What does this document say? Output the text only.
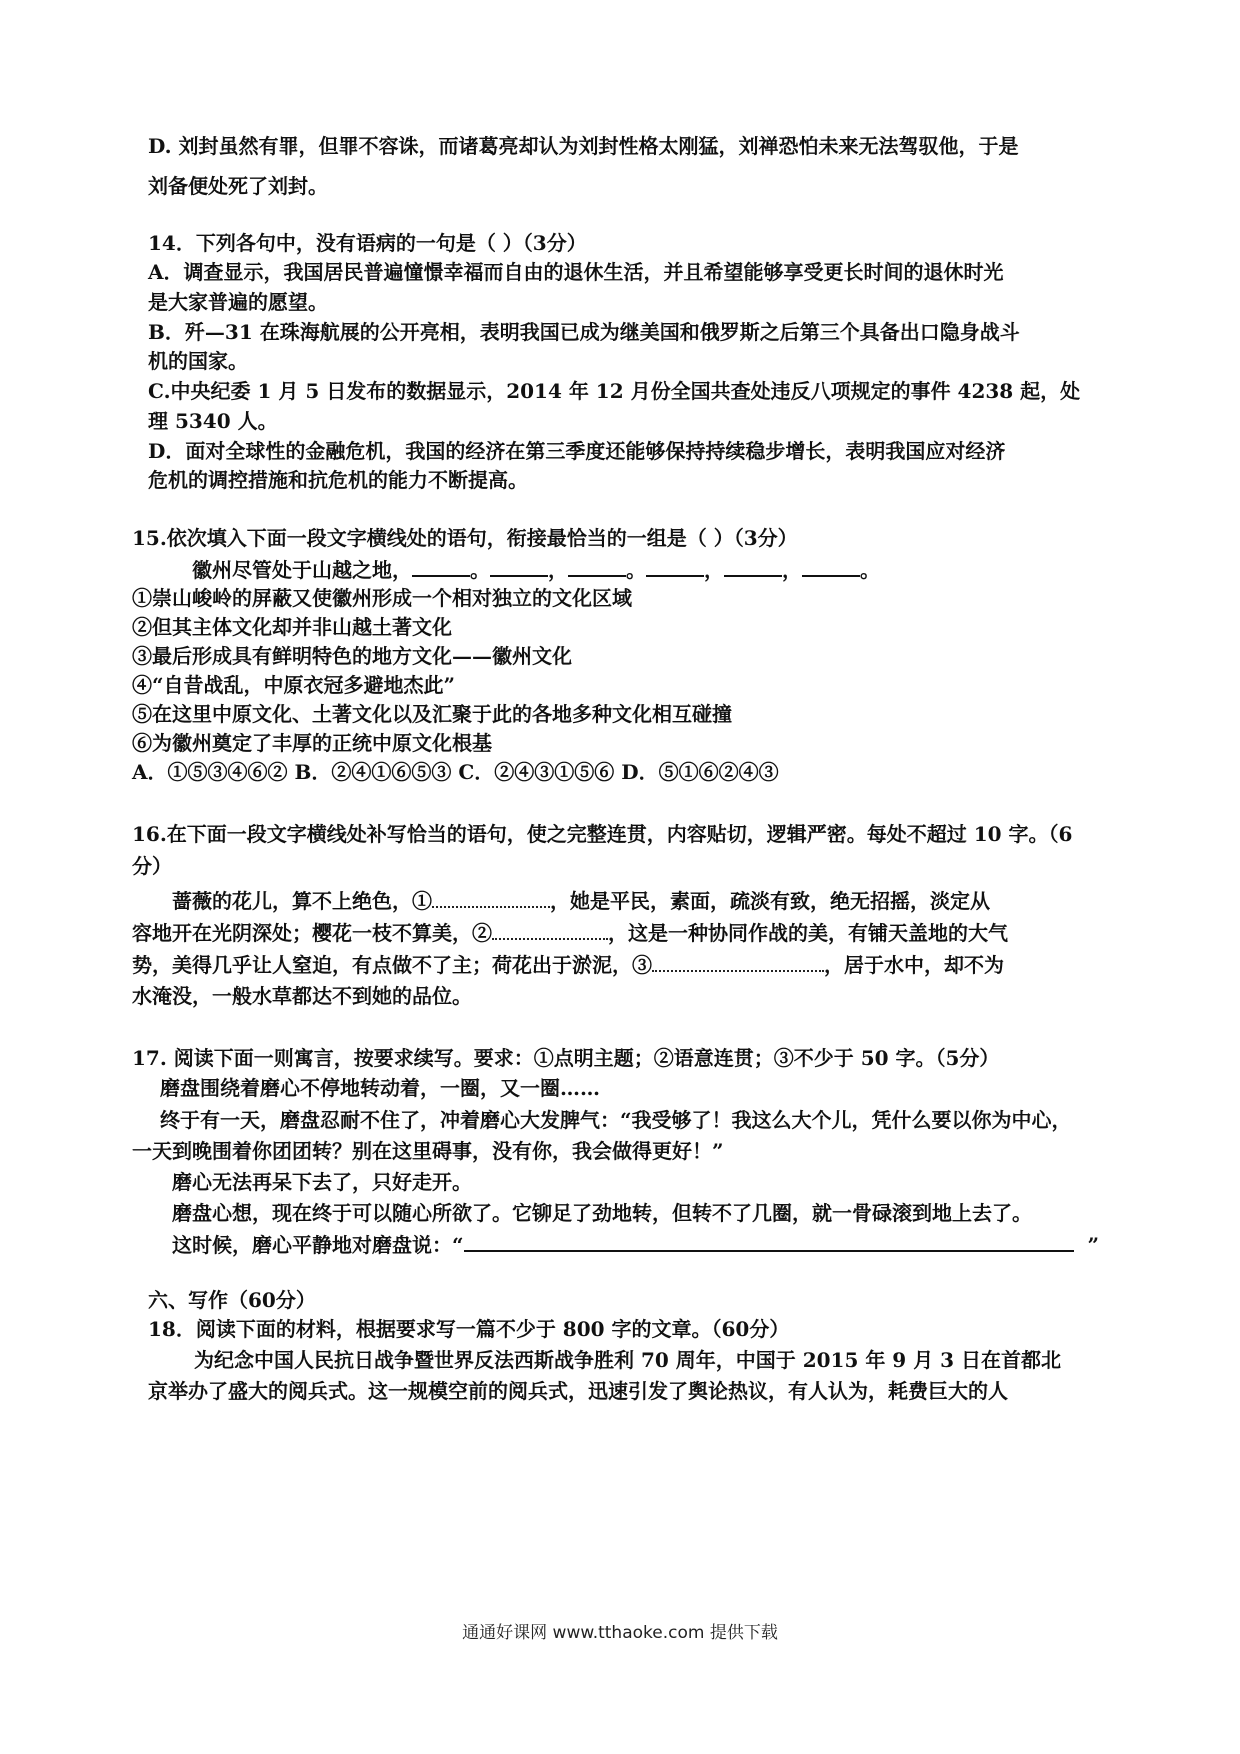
D. 刘封虽然有罪，但罪不容诛，而诸葛亮却认为刘封性格太刚猛，刘禅恐怕未来无法驾驭他，于是
刘备便处死了刘封。
14．下列各句中，没有语病的一句是（ ）（3分）
A．调查显示，我国居民普遍憧憬幸福而自由的退休生活，并且希望能够享受更长时间的退休时光
是大家普遍的愿望。
B．歼—31 在珠海航展的公开亮相，表明我国已成为继美国和俄罗斯之后第三个具备出口隐身战斗
机的国家。
C.中央纪委 1 月 5 日发布的数据显示，2014 年 12 月份全国共查处违反八项规定的事件 4238 起，处
理 5340 人。
D．面对全球性的金融危机，我国的经济在第三季度还能够保持持续稳步增长，表明我国应对经济
危机的调控措施和抗危机的能力不断提高。
15.依次填入下面一段文字横线处的语句，衔接最恰当的一组是（ ）（3分）
徽州尽管处于山越之地，	。	，	。	，	，	。
①崇山峻岭的屏蔽又使徽州形成一个相对独立的文化区域
②但其主体文化却并非山越土著文化
③最后形成具有鲜明特色的地方文化——徽州文化
④“自昔战乱，中原衣冠多避地杰此”
⑤在这里中原文化、土著文化以及汇聚于此的各地多种文化相互碰撞
⑥为徽州奠定了丰厚的正统中原文化根基
A．①⑤③④⑥② B．②④①⑥⑤③ C．②④③①⑤⑥ D．⑤①⑥②④③
16.在下面一段文字横线处补写恰当的语句，使之完整连贯，内容贴切，逻辑严密。每处不超过 10 字。（6
分）
蔷薇的花儿，算不上绝色，①	，她是平民，素面，疏淡有致，绝无招摇，淡定从
容地开在光阴深处；樱花一枝不算美，②	，这是一种协同作战的美，有铺天盖地的大气
势，美得几乎让人窒迫，有点做不了主；荷花出于淤泥，③	，居于水中，却不为
水淹没，一般水草都达不到她的品位。
17. 阅读下面一则寓言，按要求续写。要求：①点明主题；②语意连贯；③不少于 50 字。（5分）
磨盘围绕着磨心不停地转动着，一圈，又一圈……
终于有一天，磨盘忍耐不住了，冲着磨心大发脾气：“我受够了！我这么大个儿，凭什么要以你为中心，
一天到晚围着你团团转？别在这里碍事，没有你，我会做得更好！”
磨心无法再呆下去了，只好走开。
磨盘心想，现在终于可以随心所欲了。它铆足了劲地转，但转不了几圈，就一骨碌滚到地上去了。
这时候，磨心平静地对磨盘说：“	”
六、写作（60分）
18．阅读下面的材料，根据要求写一篇不少于 800 字的文章。（60分）
为纪念中国人民抗日战争暨世界反法西斯战争胜利 70 周年，中国于 2015 年 9 月 3 日在首都北
京举办了盛大的阅兵式。这一规模空前的阅兵式，迅速引发了舆论热议，有人认为，耗费巨大的人
通通好课网 www.tthaoke.com 提供下载
